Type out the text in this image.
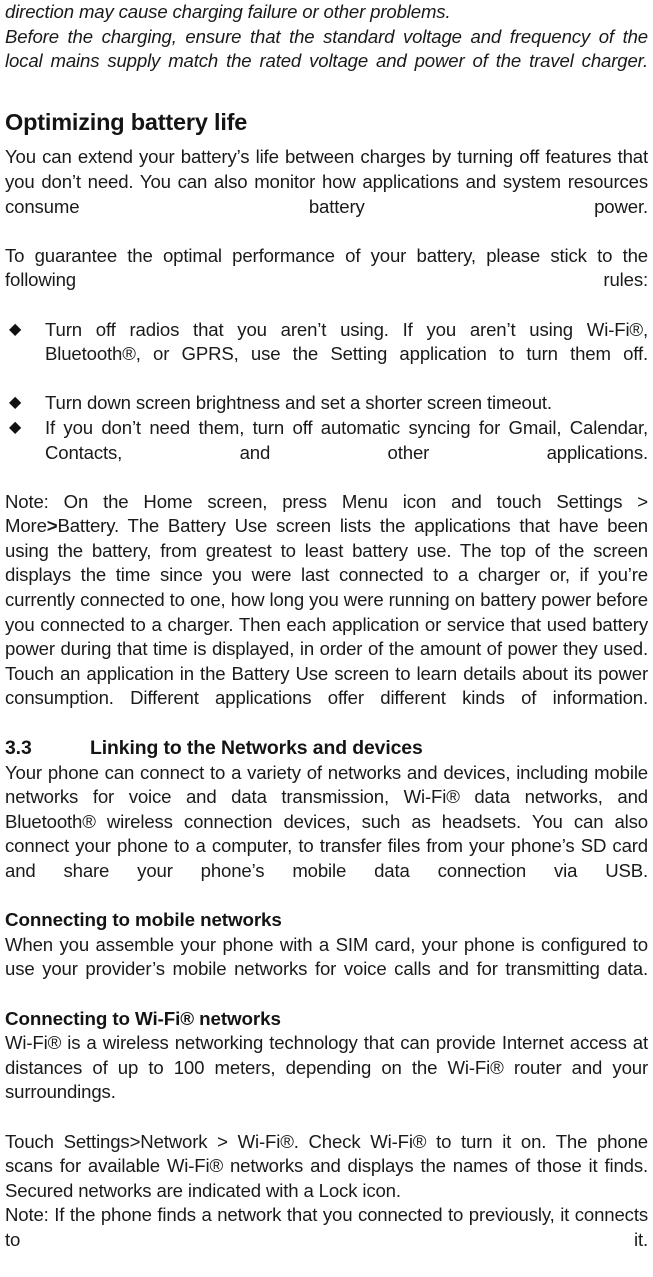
direction may cause charging failure or other problems.

Before the charging, ensure that the standard voltage and frequency of the local mains supply match the rated voltage and power of the travel charger.

Optimizing battery life

You can extend your battery’s life between charges by turning off features that you don’t need. You can also monitor how applications and system resources consume battery power.

To guarantee the optimal performance of your battery, please stick to the following rules:

◆ Turn off radios that you aren’t using. If you aren’t using Wi-Fi®, Bluetooth®, or GPRS, use the Setting application to turn them off.
◆ Turn down screen brightness and set a shorter screen timeout.
◆ If you don’t need them, turn off automatic syncing for Gmail, Calendar, Contacts, and other applications.

Note: On the Home screen, press Menu icon and touch Settings > More>Battery. The Battery Use screen lists the applications that have been using the battery, from greatest to least battery use. The top of the screen displays the time since you were last connected to a charger or, if you’re currently connected to one, how long you were running on battery power before you connected to a charger. Then each application or service that used battery power during that time is displayed, in order of the amount of power they used. Touch an application in the Battery Use screen to learn details about its power consumption. Different applications offer different kinds of information.

3.3	Linking to the Networks and devices

Your phone can connect to a variety of networks and devices, including mobile networks for voice and data transmission, Wi-Fi® data networks, and Bluetooth® wireless connection devices, such as headsets. You can also connect your phone to a computer, to transfer files from your phone’s SD card and share your phone’s mobile data connection via USB.

Connecting to mobile networks

When you assemble your phone with a SIM card, your phone is configured to use your provider’s mobile networks for voice calls and for transmitting data.

Connecting to Wi-Fi® networks

Wi-Fi® is a wireless networking technology that can provide Internet access at distances of up to 100 meters, depending on the Wi-Fi® router and your surroundings.

Touch Settings>Network > Wi-Fi®. Check Wi-Fi® to turn it on. The phone scans for available Wi-Fi® networks and displays the names of those it finds. Secured networks are indicated with a Lock icon.

Note: If the phone finds a network that you connected to previously, it connects to it.
